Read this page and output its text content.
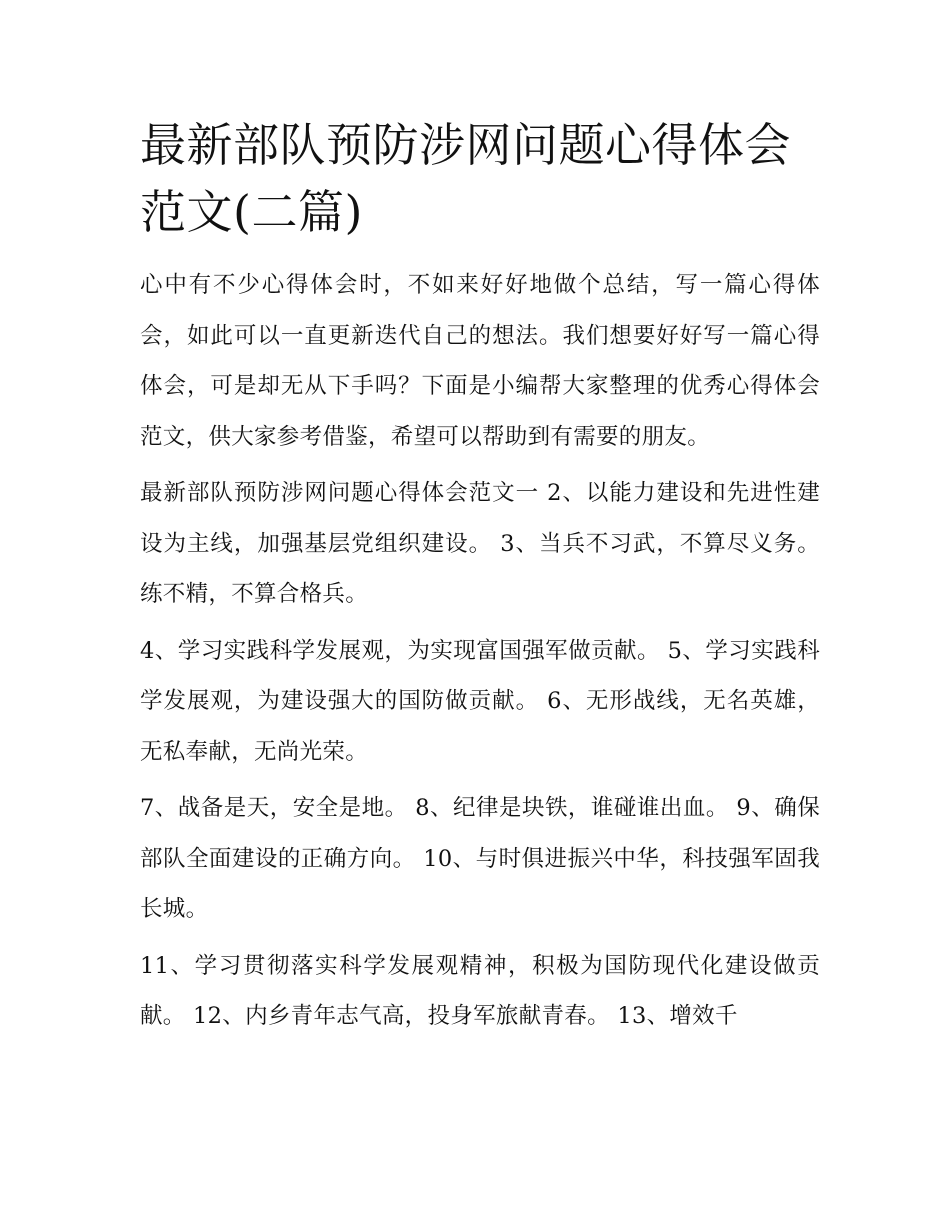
最新部队预防涉网问题心得体会范文(二篇)

心中有不少心得体会时，不如来好好地做个总结，写一篇心得体会，如此可以一直更新迭代自己的想法。我们想要好好写一篇心得体会，可是却无从下手吗？下面是小编帮大家整理的优秀心得体会范文，供大家参考借鉴，希望可以帮助到有需要的朋友。

最新部队预防涉网问题心得体会范文一 2、以能力建设和先进性建设为主线，加强基层党组织建设。 3、当兵不习武，不算尽义务。练不精，不算合格兵。

4、学习实践科学发展观，为实现富国强军做贡献。 5、学习实践科学发展观，为建设强大的国防做贡献。 6、无形战线，无名英雄，无私奉献，无尚光荣。

7、战备是天，安全是地。 8、纪律是块铁，谁碰谁出血。 9、确保部队全面建设的正确方向。 10、与时俱进振兴中华，科技强军固我长城。

11、学习贯彻落实科学发展观精神，积极为国防现代化建设做贡献。 12、内乡青年志气高，投身军旅献青春。 13、增效千
